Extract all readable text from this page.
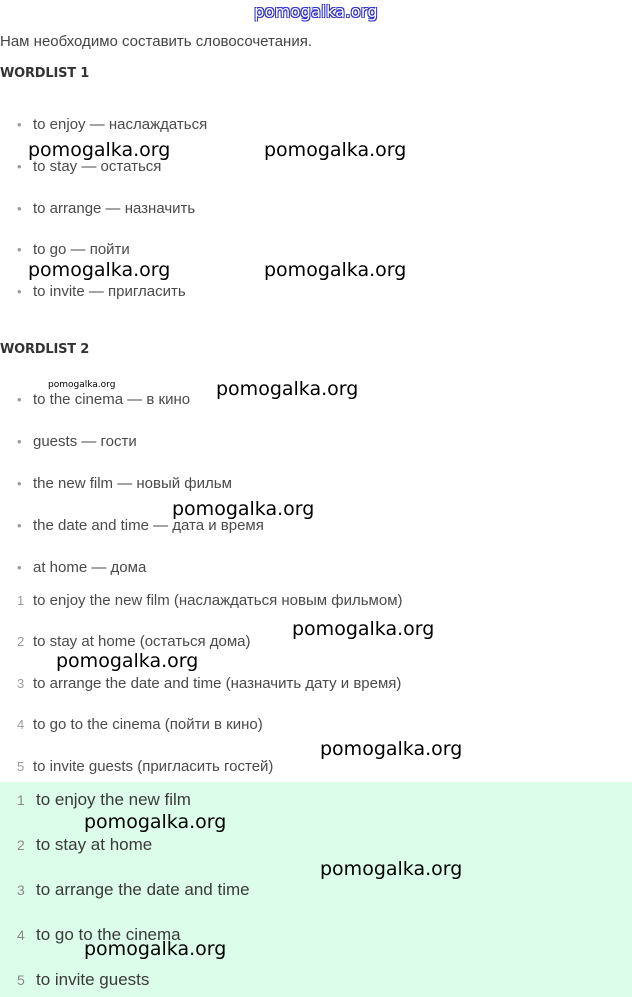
pomogalka.org
Нам необходимо составить словосочетания.
WORDLIST 1
• to enjoy — наслаждаться
• to stay — остаться
• to arrange — назначить
• to go — пойти
• to invite — пригласить
WORDLIST 2
• to the cinema — в кино
• guests — гости
• the new film — новый фильм
• the date and time — дата и время
• at home — дома
1 to enjoy the new film (наслаждаться новым фильмом)
2 to stay at home (остаться дома)
3 to arrange the date and time (назначить дату и время)
4 to go to the cinema (пойти в кино)
5 to invite guests (пригласить гостей)
1 to enjoy the new film
2 to stay at home
3 to arrange the date and time
4 to go to the cinema
5 to invite guests
pomogalka.org	pomogalka.org
pomogalka.org	pomogalka.org
pomogalka.org	pomogalka.org
pomogalka.org
pomogalka.org
pomogalka.org
pomogalka.org
pomogalka.org
pomogalka.org
pomogalka.org
